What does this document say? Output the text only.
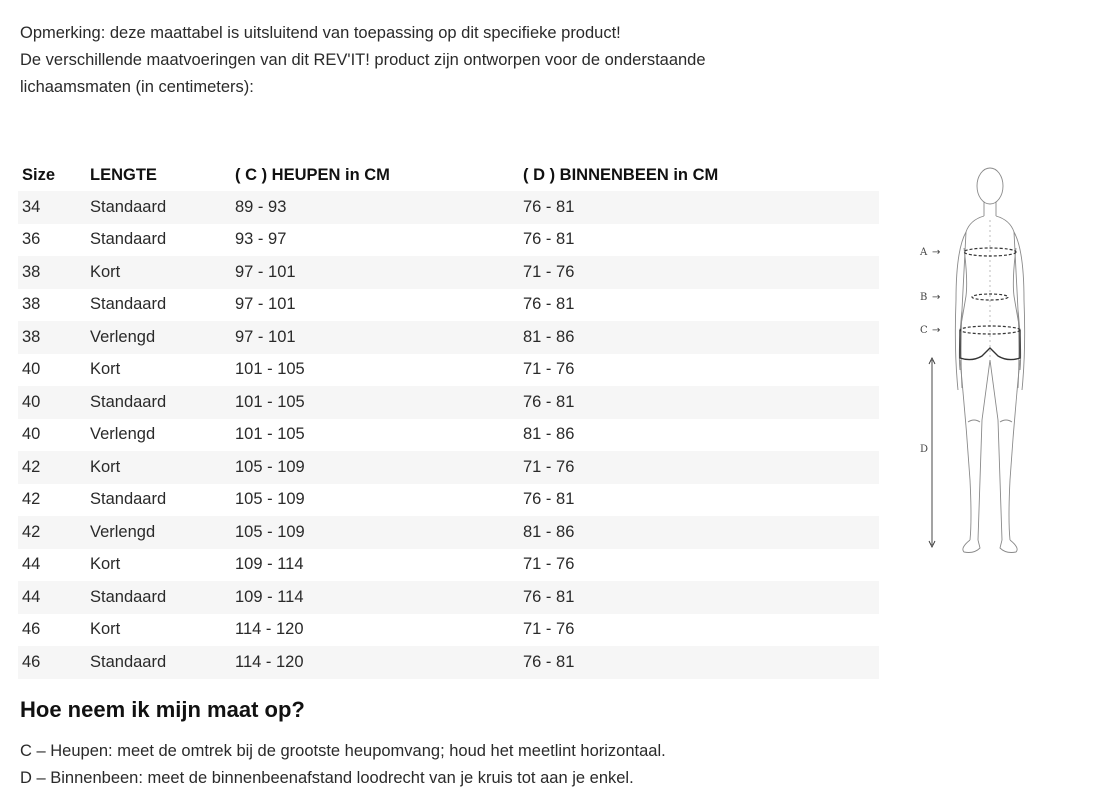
Opmerking: deze maattabel is uitsluitend van toepassing op dit specifieke product!

De verschillende maatvoeringen van dit REV'IT! product zijn ontworpen voor de onderstaande

lichaamsmaten (in centimeters):

Size	LENGTE	( C ) HEUPEN in CM	( D ) BINNENBEEN in CM
34	Standaard	89 - 93	76 - 81
36	Standaard	93 - 97	76 - 81
38	Kort	97 - 101	71 - 76
38	Standaard	97 - 101	76 - 81
38	Verlengd	97 - 101	81 - 86
40	Kort	101 - 105	71 - 76
40	Standaard	101 - 105	76 - 81
40	Verlengd	101 - 105	81 - 86
42	Kort	105 - 109	71 - 76
42	Standaard	105 - 109	76 - 81
42	Verlengd	105 - 109	81 - 86
44	Kort	109 - 114	71 - 76
44	Standaard	109 - 114	76 - 81
46	Kort	114 - 120	71 - 76
46	Standaard	114 - 120	76 - 81
A →
B →
C →
D
Hoe neem ik mijn maat op?

C – Heupen: meet de omtrek bij de grootste heupomvang; houd het meetlint horizontaal.

D – Binnenbeen: meet de binnenbeenafstand loodrecht van je kruis tot aan je enkel.
